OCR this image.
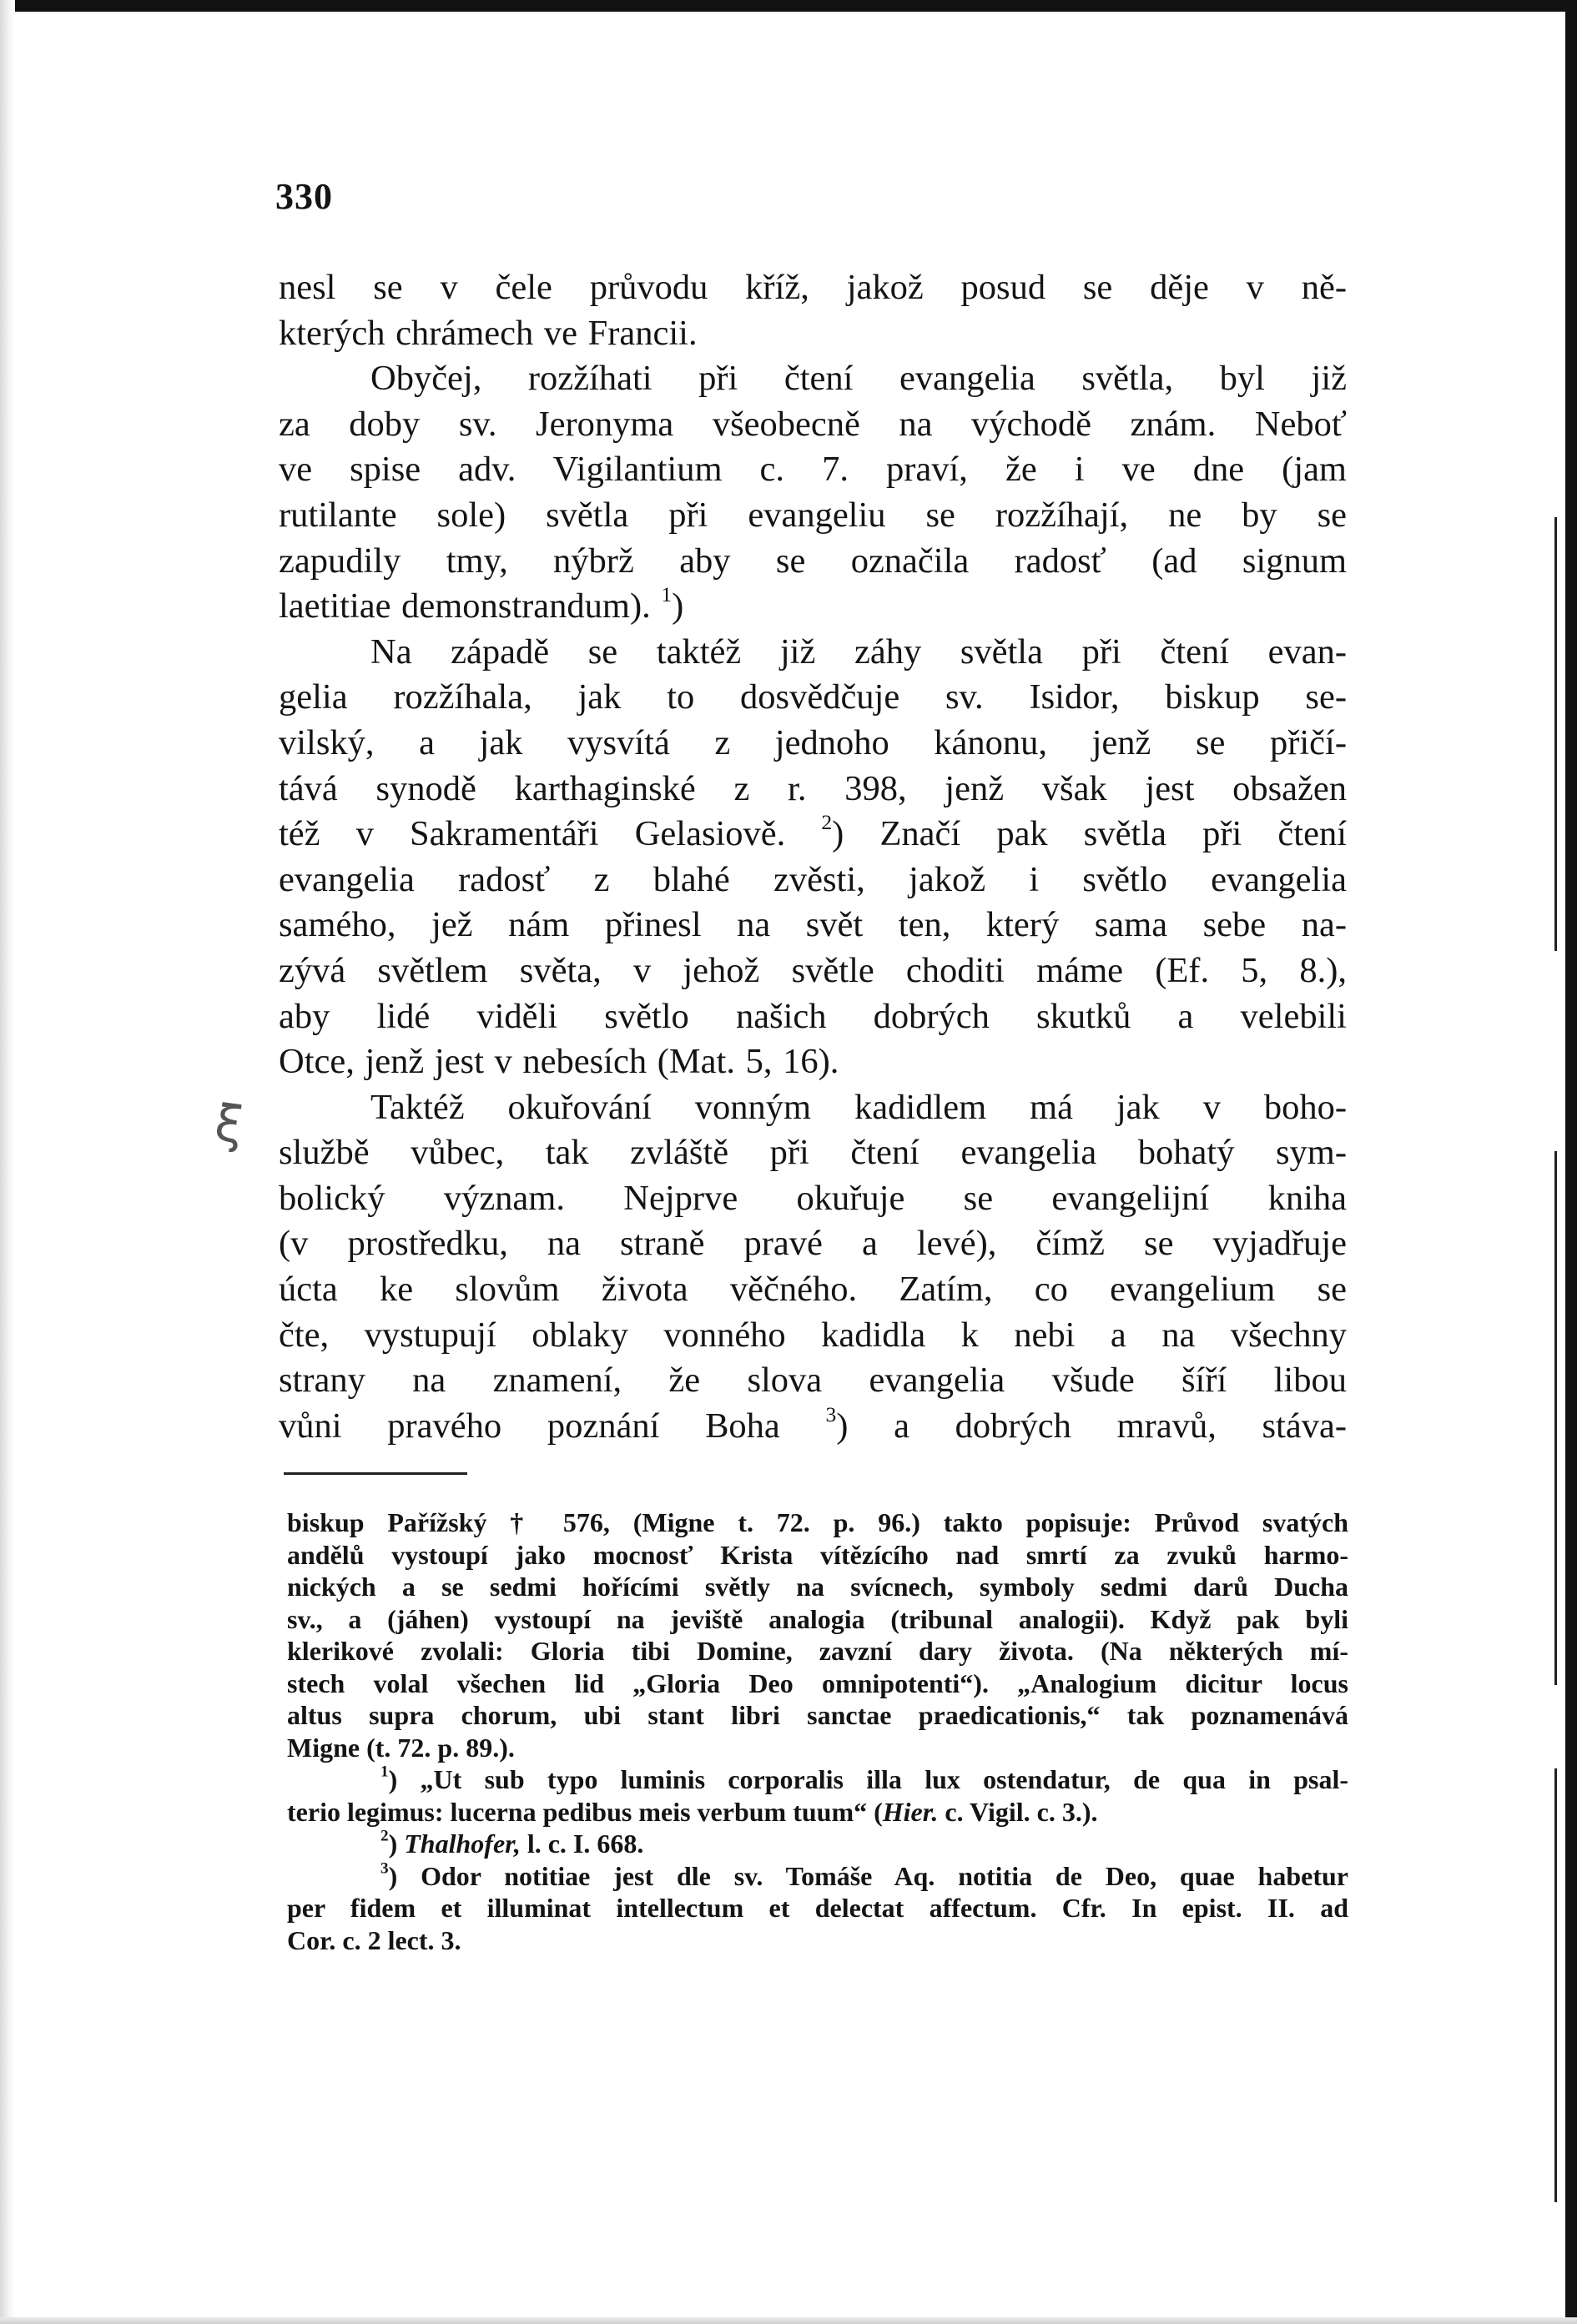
ξ
330

nesl se v čele průvodu kříž, jakož posud se děje v ně-

kterých chrámech ve Francii.

Obyčej, rozžíhati při čtení evangelia světla, byl již

za doby sv. Jeronyma všeobecně na východě znám. Neboť

ve spise adv. Vigilantium c. 7. praví, že i ve dne (jam

rutilante sole) světla při evangeliu se rozžíhají, ne by se

zapudily tmy, nýbrž aby se označila radosť (ad signum

laetitiae demonstrandum). $^1$)

Na západě se taktéž již záhy světla při čtení evan-

gelia rozžíhala, jak to dosvědčuje sv. Isidor, biskup se-

vilský, a jak vysvítá z jednoho kánonu, jenž se přičí-

tává synodě karthaginské z r. 398, jenž však jest obsažen

též v Sakramentáři Gelasiově. $^2$) Značí pak světla při čtení

evangelia radosť z blahé zvěsti, jakož i světlo evangelia

samého, jež nám přinesl na svět ten, který sama sebe na-

zývá světlem světa, v jehož světle choditi máme (Ef. 5, 8.),

aby lidé viděli světlo našich dobrých skutků a velebili

Otce, jenž jest v nebesích (Mat. 5, 16).

Taktéž okuřování vonným kadidlem má jak v boho-

službě vůbec, tak zvláště při čtení evangelia bohatý sym-

bolický význam. Nejprve okuřuje se evangelijní kniha

(v prostředku, na straně pravé a levé), čímž se vyjadřuje

úcta ke slovům života věčného. Zatím, co evangelium se

čte, vystupují oblaky vonného kadidla k nebi a na všechny

strany na znamení, že slova evangelia všude šíří libou

vůni pravého poznání Boha $^3$) a dobrých mravů, stáva-

biskup Pařížský † 576, (Migne t. 72. p. 96.) takto popisuje: Průvod svatých

andělů vystoupí jako mocnosť Krista vítězícího nad smrtí za zvuků harmo-

nických a se sedmi hořícími světly na svícnech, symboly sedmi darů Ducha

sv., a (jáhen) vystoupí na jeviště analogia (tribunal analogii). Když pak byli

klerikové zvolali: Gloria tibi Domine, zavzní dary života. (Na některých mí-

stech volal všechen lid „Gloria Deo omnipotenti“). „Analogium dicitur locus

altus supra chorum, ubi stant libri sanctae praedicationis,“ tak poznamenává

Migne (t. 72. p. 89.).

$^1$) „Ut sub typo luminis corporalis illa lux ostendatur, de qua in psal-

terio legimus: lucerna pedibus meis verbum tuum“ (Hier. c. Vigil. c. 3.).

$^2$) Thalhofer, l. c. I. 668.

$^3$) Odor notitiae jest dle sv. Tomáše Aq. notitia de Deo, quae habetur

per fidem et illuminat intellectum et delectat affectum. Cfr. In epist. II. ad

Cor. c. 2 lect. 3.
